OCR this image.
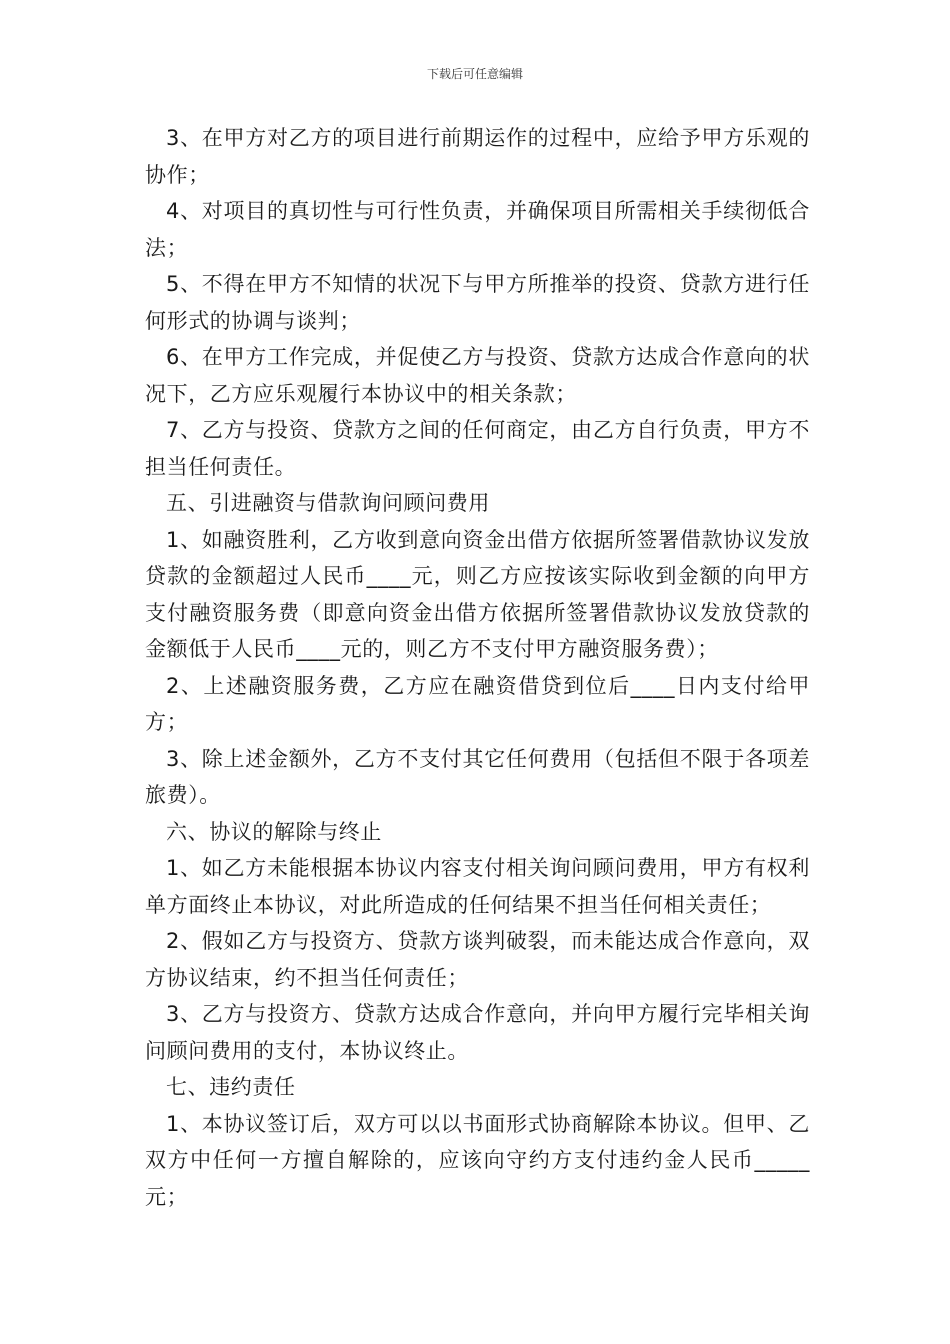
下载后可任意编辑

3、在甲方对乙方的项目进行前期运作的过程中，应给予甲方乐观的协作；

4、对项目的真切性与可行性负责，并确保项目所需相关手续彻低合法；

5、不得在甲方不知情的状况下与甲方所推举的投资、贷款方进行任何形式的协调与谈判；

6、在甲方工作完成，并促使乙方与投资、贷款方达成合作意向的状况下，乙方应乐观履行本协议中的相关条款；

7、乙方与投资、贷款方之间的任何商定，由乙方自行负责，甲方不担当任何责任。

五、引进融资与借款询问顾问费用

1、如融资胜利，乙方收到意向资金出借方依据所签署借款协议发放贷款的金额超过人民币____元，则乙方应按该实际收到金额的向甲方支付融资服务费（即意向资金出借方依据所签署借款协议发放贷款的金额低于人民币____元的，则乙方不支付甲方融资服务费）；

2、上述融资服务费，乙方应在融资借贷到位后____日内支付给甲方；

3、除上述金额外，乙方不支付其它任何费用（包括但不限于各项差旅费）。

六、协议的解除与终止

1、如乙方未能根据本协议内容支付相关询问顾问费用，甲方有权利单方面终止本协议，对此所造成的任何结果不担当任何相关责任；

2、假如乙方与投资方、贷款方谈判破裂，而未能达成合作意向，双方协议结束，约不担当任何责任；

3、乙方与投资方、贷款方达成合作意向，并向甲方履行完毕相关询问顾问费用的支付，本协议终止。

七、违约责任

1、本协议签订后，双方可以以书面形式协商解除本协议。但甲、乙双方中任何一方擅自解除的，应该向守约方支付违约金人民币_____元；
